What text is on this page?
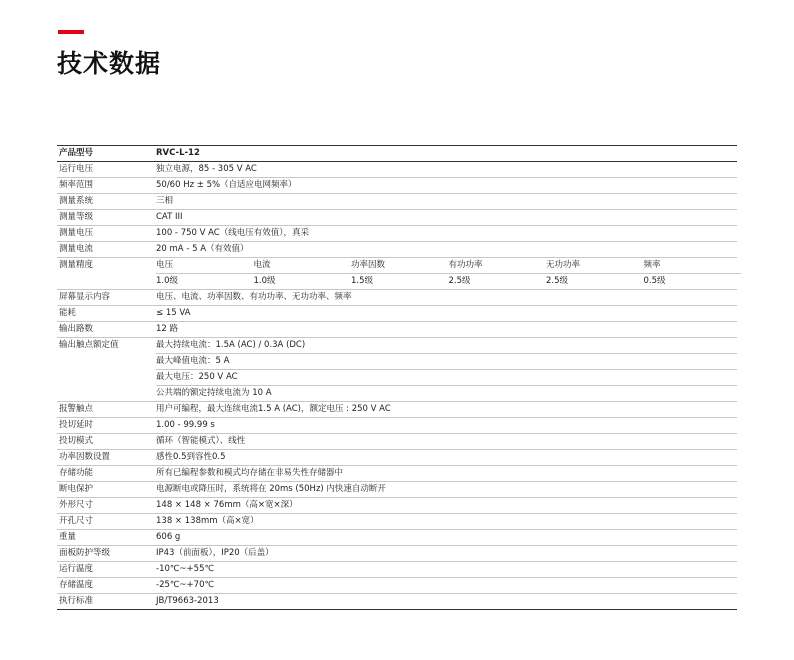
技术数据
产品型号	RVC-L-12
运行电压	独立电源，85 - 305 V AC
频率范围	50/60 Hz ± 5%（自适应电网频率）
测量系统	三相
测量等级	CAT III
测量电压	100 - 750 V AC（线电压有效值），真采
测量电流	20 mA - 5 A（有效值）
测量精度	电压	电流	功率因数	有功功率	无功功率	频率
1.0级	1.0级	1.5级	2.5级	2.5级	0.5级
屏幕显示内容	电压、电流、功率因数、有功功率、无功功率、频率
能耗	≤ 15 VA
输出路数	12 路
输出触点额定值	最大持续电流：1.5A (AC) / 0.3A (DC)
最大峰值电流：5 A
最大电压：250 V AC
公共端的额定持续电流为 10 A
报警触点	用户可编程，最大连续电流1.5 A (AC)，额定电压 : 250 V AC
投切延时	1.00 - 99.99 s
投切模式	循环（智能模式）、线性
功率因数设置	感性0.5到容性0.5
存储功能	所有已编程参数和模式均存储在非易失性存储器中
断电保护	电源断电或降压时，系统将在 20ms (50Hz) 内快速自动断开
外形尺寸	148 × 148 × 76mm（高×宽×深）
开孔尺寸	138 × 138mm（高×宽）
重量	606 g
面板防护等级	IP43（前面板），IP20（后盖）
运行温度	-10℃~+55℃
存储温度	-25℃~+70℃
执行标准	JB/T9663-2013
